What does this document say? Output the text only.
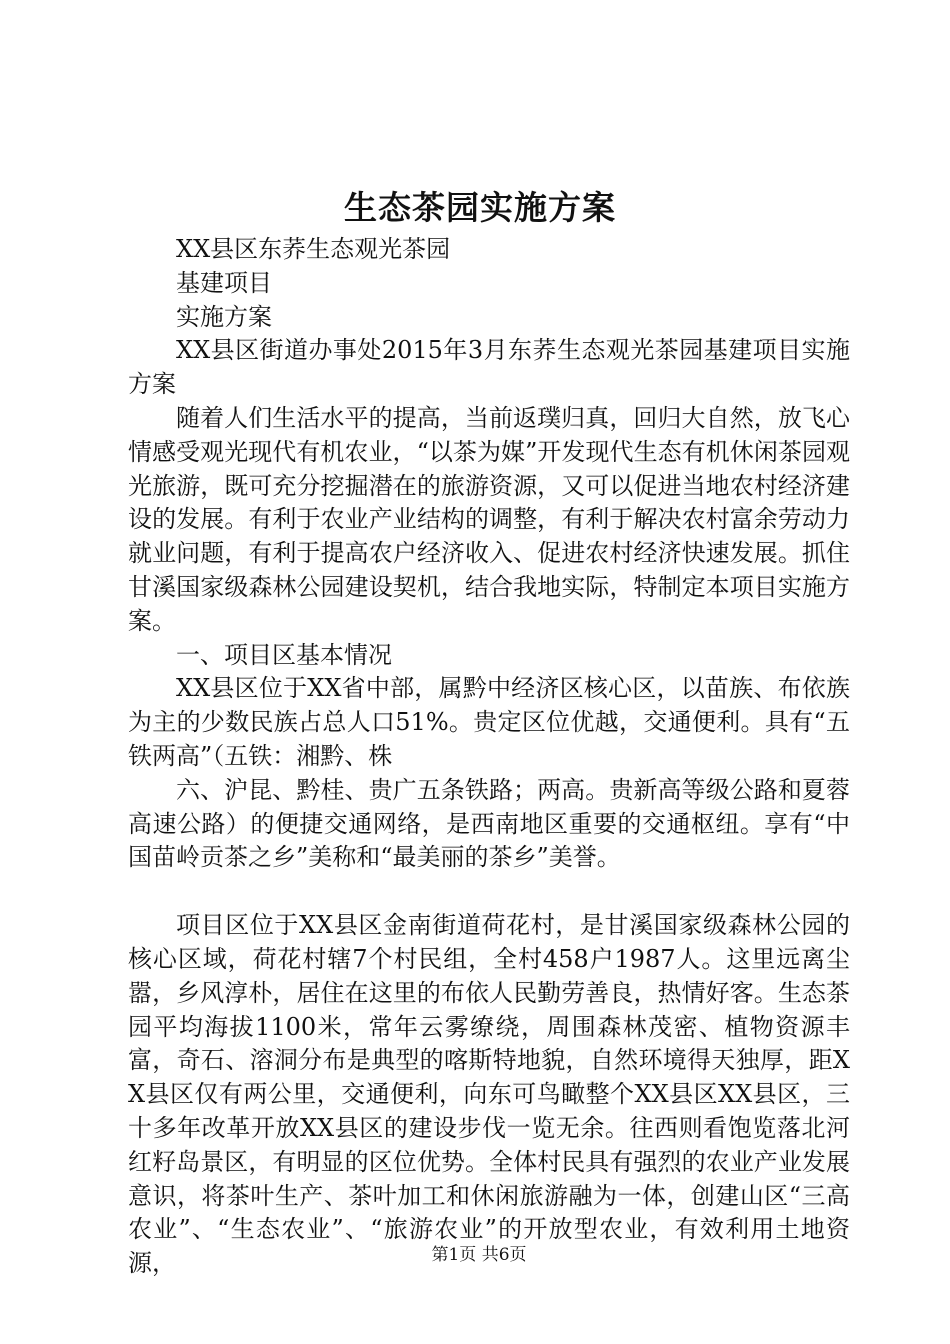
生态茶园实施方案

XX县区东荞生态观光茶园

基建项目

实施方案

XX县区街道办事处2015年3月东荞生态观光茶园基建项目实施方案

随着人们生活水平的提高，当前返璞归真，回归大自然，放飞心情感受观光现代有机农业，“以茶为媒”开发现代生态有机休闲茶园观光旅游，既可充分挖掘潜在的旅游资源，又可以促进当地农村经济建设的发展。有利于农业产业结构的调整，有利于解决农村富余劳动力就业问题，有利于提高农户经济收入、促进农村经济快速发展。抓住甘溪国家级森林公园建设契机，结合我地实际，特制定本项目实施方案。

一、项目区基本情况

XX县区位于XX省中部，属黔中经济区核心区，以苗族、布依族为主的少数民族占总人口51%。贵定区位优越，交通便利。具有“五铁两高”（五铁：湘黔、株

六、沪昆、黔桂、贵广五条铁路；两高。贵新高等级公路和夏蓉高速公路）的便捷交通网络，是西南地区重要的交通枢纽。享有“中国苗岭贡茶之乡”美称和“最美丽的茶乡”美誉。

项目区位于XX县区金南街道荷花村，是甘溪国家级森林公园的核心区域，荷花村辖7个村民组，全村458户1987人。这里远离尘嚣，乡风淳朴，居住在这里的布依人民勤劳善良，热情好客。生态茶园平均海拔1100米，常年云雾缭绕，周围森林茂密、植物资源丰富，奇石、溶洞分布是典型的喀斯特地貌，自然环境得天独厚，距XX县区仅有两公里，交通便利，向东可鸟瞰整个XX县区XX县区，三十多年改革开放XX县区的建设步伐一览无余。往西则看饱览落北河红籽岛景区，有明显的区位优势。全体村民具有强烈的农业产业发展意识，将茶叶生产、茶叶加工和休闲旅游融为一体，创建山区“三高农业”、“生态农业”、“旅游农业”的开放型农业，有效利用土地资源，	第1页 共6页
